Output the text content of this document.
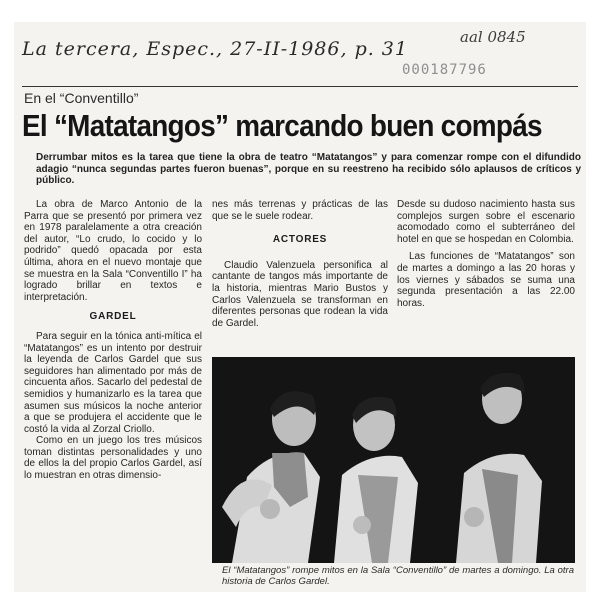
La tercera, Espec., 27-II-1986, p. 31
aal 0845
000187796
En el “Conventillo”
El “Matatangos” marcando buen compás
Derrumbar mitos es la tarea que tiene la obra de teatro “Matatangos” y para comenzar rompe con el difundido adagio “nunca segundas partes fueron buenas”, porque en su reestreno ha recibido sólo aplausos de críticos y público.

La obra de Marco Antonio de la Parra que se presentó por primera vez en 1978 paralelamente a otra creación del autor, “Lo crudo, lo cocido y lo podrido” quedó opacada por esta última, ahora en el nuevo montaje que se muestra en la Sala “Conventillo I” ha logrado brillar en textos e interpretación.

GARDEL

Para seguir en la tónica anti-mítica el “Matatangos” es un intento por destruir la leyenda de Carlos Gardel que sus seguidores han alimentado por más de cincuenta años. Sacarlo del pedestal de semidios y humanizarlo es la tarea que asumen sus músicos la noche anterior a que se produjera el accidente que le costó la vida al Zorzal Criollo.

Como en un juego los tres músicos toman distintas personalidades y uno de ellos la del propio Carlos Gardel, así lo muestran en otras dimensio-

nes más terrenas y prácticas de las que se le suele rodear.

ACTORES

Claudio Valenzuela personifica al cantante de tangos más importante de la historia, mientras Mario Bustos y Carlos Valenzuela se transforman en diferentes personas que rodean la vida de Gardel.

Desde su dudoso nacimiento hasta sus complejos surgen sobre el escenario acomodado como el subterráneo del hotel en que se hospedan en Colombia.

Las funciones de “Matatangos” son de martes a domingo a las 20 horas y los viernes y sábados se suma una segunda presentación a las 22.00 horas.

El “Matatangos” rompe mitos en la Sala “Conventillo” de martes a domingo. La otra historia de Carlos Gardel.
